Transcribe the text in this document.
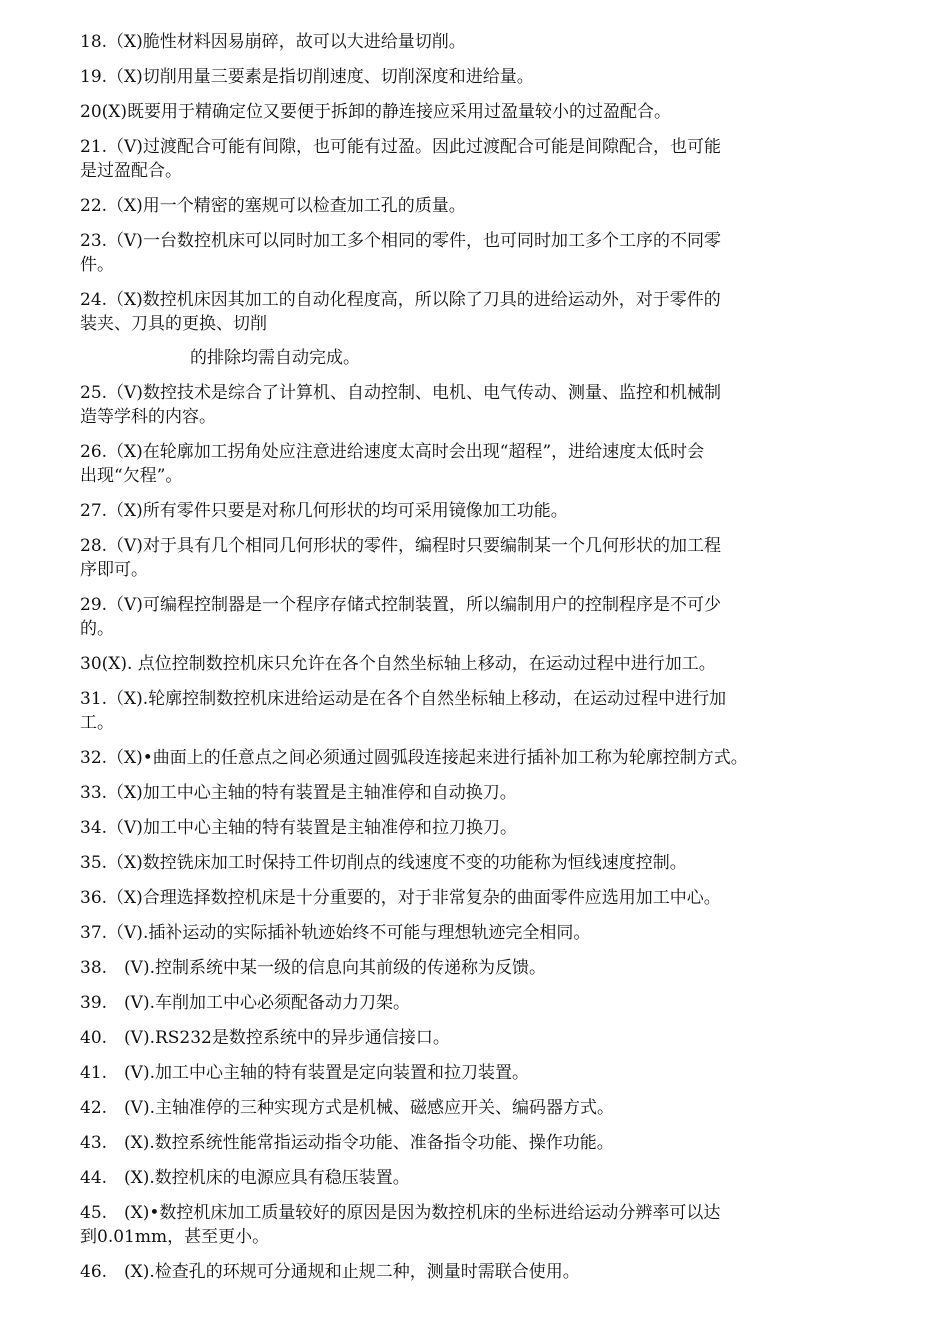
18.（X)脆性材料因易崩碎，故可以大进给量切削。
19.（X)切削用量三要素是指切削速度、切削深度和进给量。
20(X)既要用于精确定位又要便于拆卸的静连接应采用过盈量较小的过盈配合。
21.（V)过渡配合可能有间隙，也可能有过盈。因此过渡配合可能是间隙配合，也可能
是过盈配合。
22.（X)用一个精密的塞规可以检查加工孔的质量。
23.（V)一台数控机床可以同时加工多个相同的零件，也可同时加工多个工序的不同零
件。
24.（X)数控机床因其加工的自动化程度高，所以除了刀具的进给运动外，对于零件的
装夹、刀具的更换、切削
的排除均需自动完成。
25.（V)数控技术是综合了计算机、自动控制、电机、电气传动、测量、监控和机械制
造等学科的内容。
26.（X)在轮廓加工拐角处应注意进给速度太高时会出现“超程”，进给速度太低时会
出现“欠程”。
27.（X)所有零件只要是对称几何形状的均可采用镜像加工功能。
28.（V)对于具有几个相同几何形状的零件，编程时只要编制某一个几何形状的加工程
序即可。
29.（V)可编程控制器是一个程序存储式控制装置，所以编制用户的控制程序是不可少
的。
30(X). 点位控制数控机床只允许在各个自然坐标轴上移动，在运动过程中进行加工。
31.（X).轮廓控制数控机床进给运动是在各个自然坐标轴上移动，在运动过程中进行加
工。
32.（X)•曲面上的任意点之间必须通过圆弧段连接起来进行插补加工称为轮廓控制方式。
33.（X)加工中心主轴的特有装置是主轴准停和自动换刀。
34.（V)加工中心主轴的特有装置是主轴准停和拉刀换刀。
35.（X)数控铣床加工时保持工件切削点的线速度不变的功能称为恒线速度控制。
36.（X)合理选择数控机床是十分重要的，对于非常复杂的曲面零件应选用加工中心。
37.（V).插补运动的实际插补轨迹始终不可能与理想轨迹完全相同。
38.　(V).控制系统中某一级的信息向其前级的传递称为反馈。
39.　(V).车削加工中心必须配备动力刀架。
40.　(V).RS232是数控系统中的异步通信接口。
41.　(V).加工中心主轴的特有装置是定向装置和拉刀装置。
42.　(V).主轴准停的三种实现方式是机械、磁感应开关、编码器方式。
43.　(X).数控系统性能常指运动指令功能、准备指令功能、操作功能。
44.　(X).数控机床的电源应具有稳压装置。
45.　(X)•数控机床加工质量较好的原因是因为数控机床的坐标进给运动分辨率可以达
到0.01mm，甚至更小。
46.　(X).检查孔的环规可分通规和止规二种，测量时需联合使用。
